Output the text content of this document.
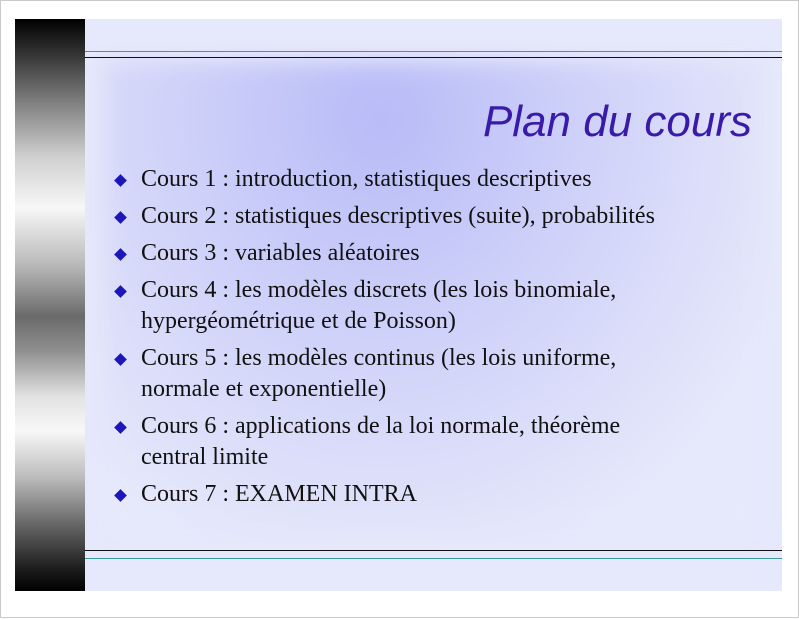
Plan du cours
Cours 1 : introduction, statistiques descriptives
Cours 2 : statistiques descriptives (suite), probabilités
Cours 3 : variables aléatoires
Cours 4 : les modèles discrets (les lois binomiale,
hypergéométrique et de Poisson)
Cours 5 : les modèles continus (les lois uniforme,
normale et exponentielle)
Cours 6 : applications de la loi normale, théorème
central limite
Cours 7 : EXAMEN INTRA
